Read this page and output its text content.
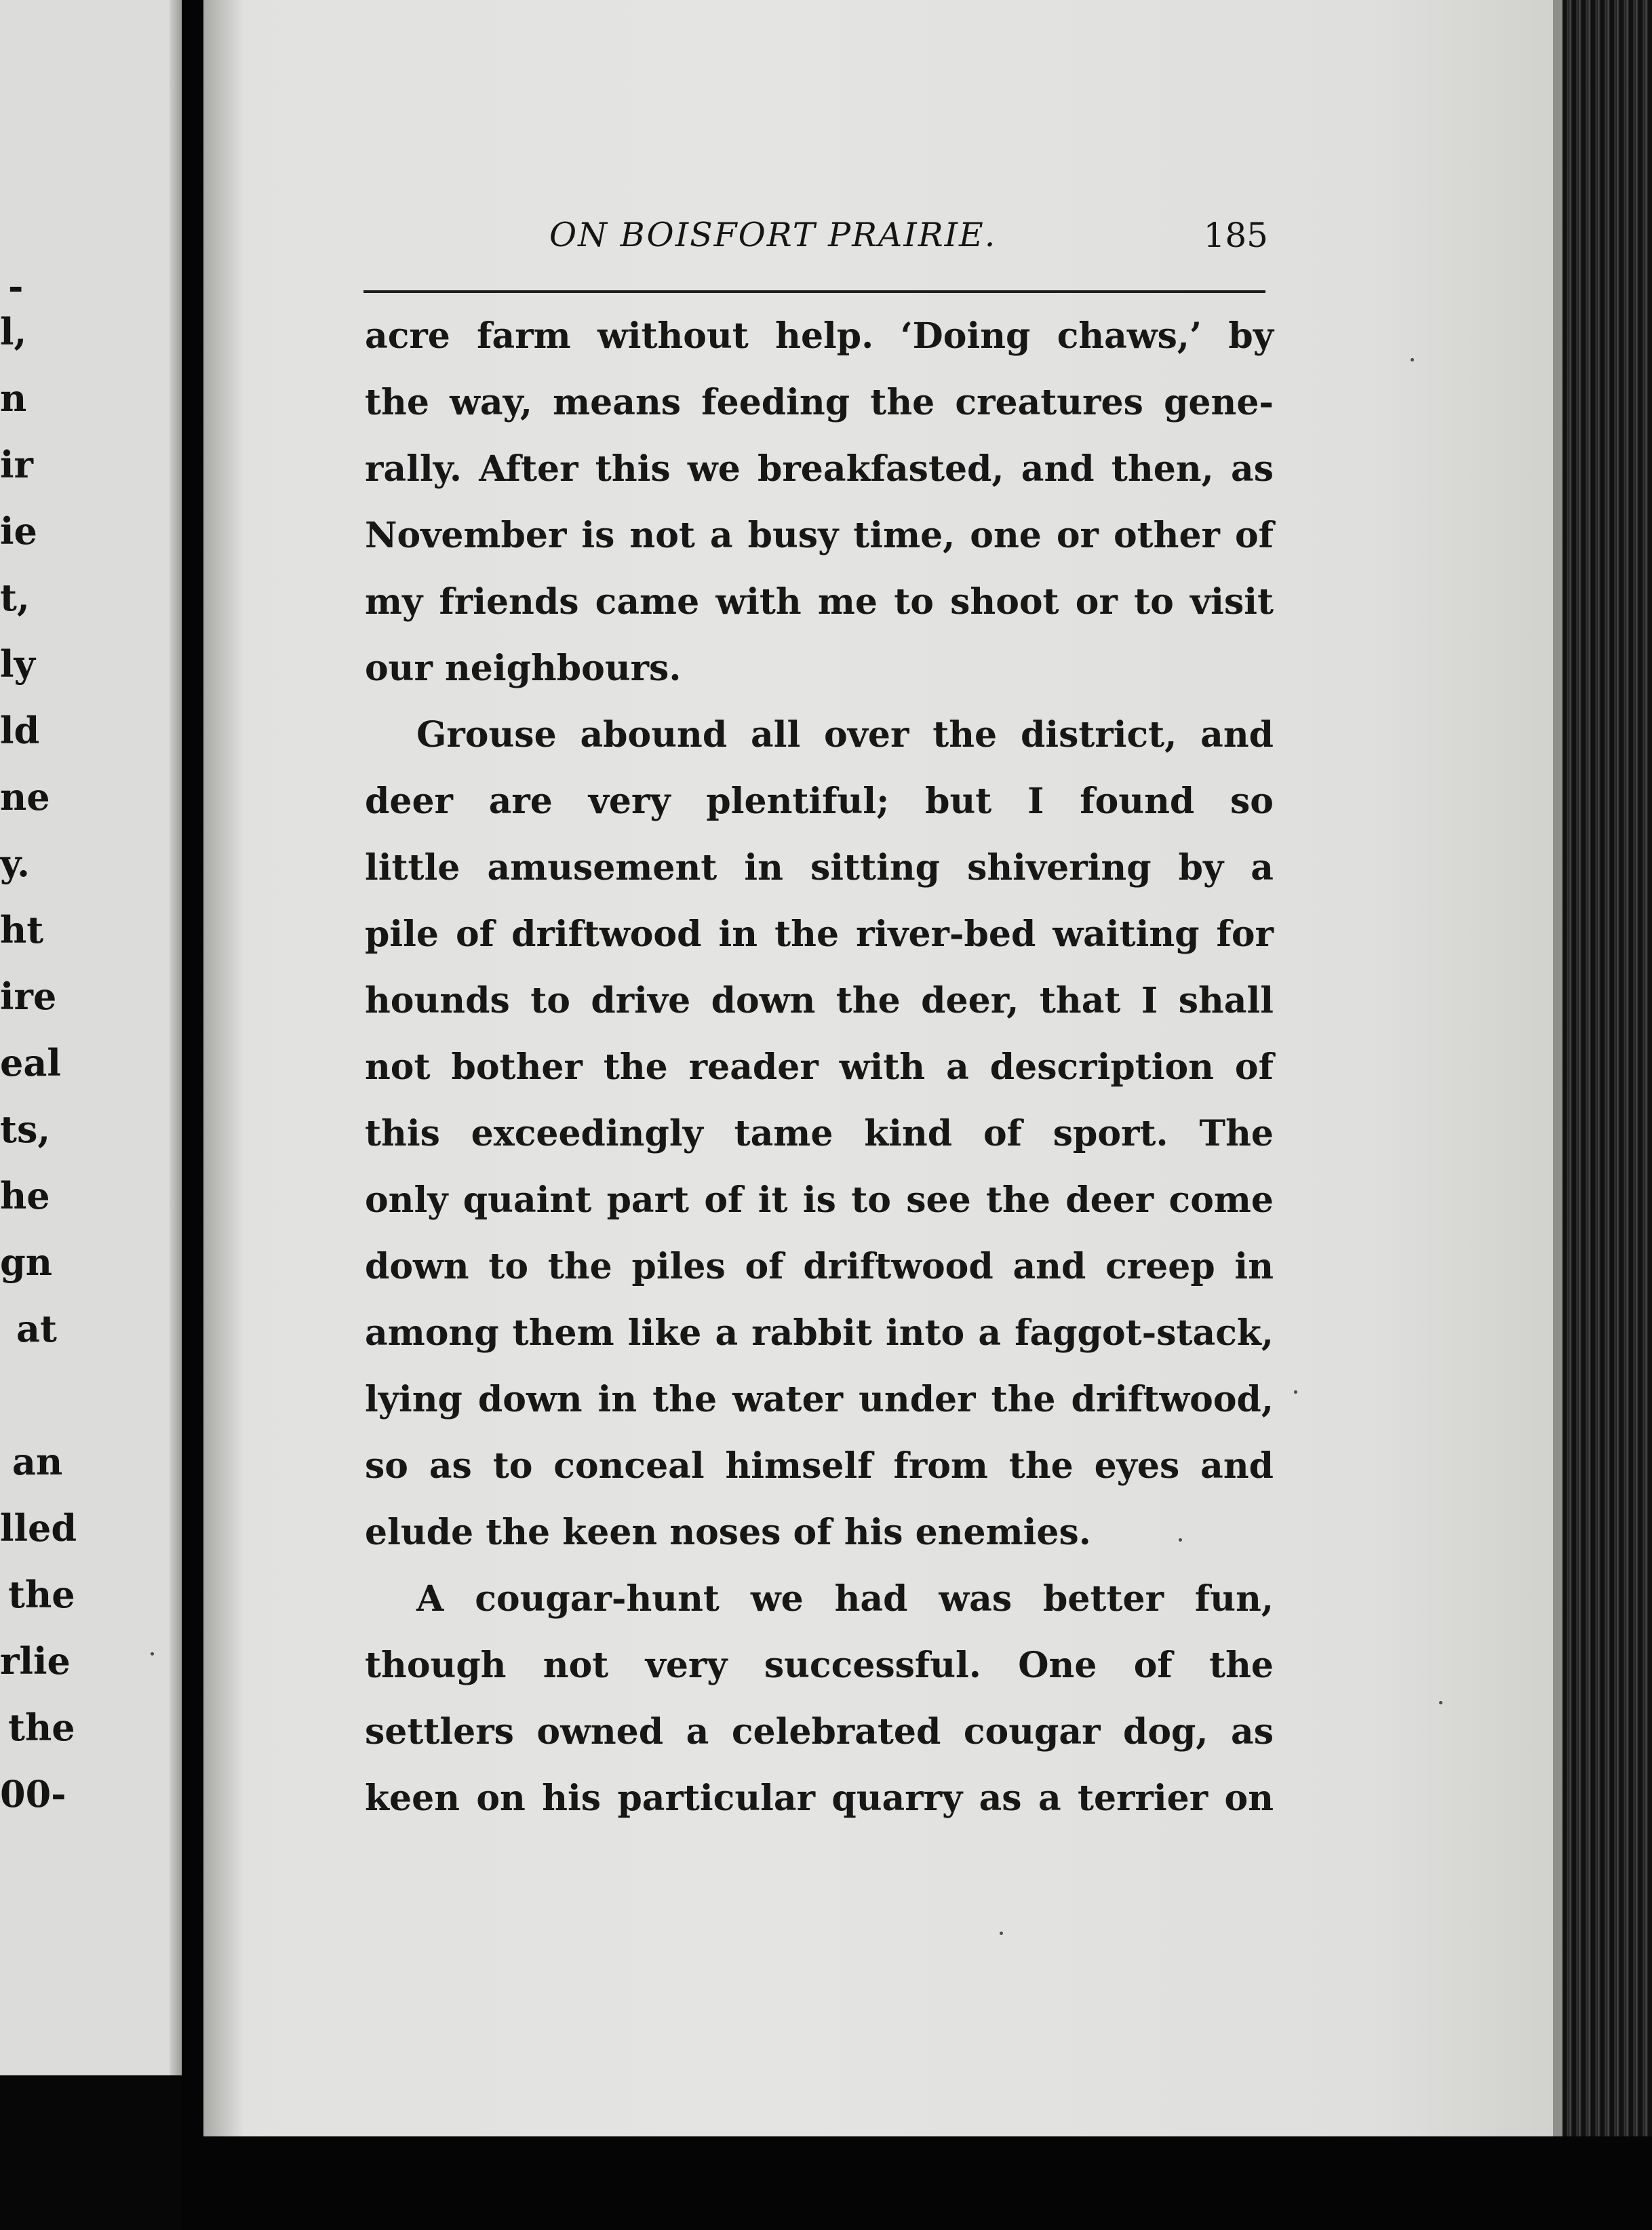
-
l,
n
ir
ie
t,
ly
ld
ne
y.
ht
ire
eal
ts,
he
gn
at
an
lled
the
rlie
the
00-
ON BOISFORT PRAIRIE.	185
acre farm without help. ‘Doing chaws,’ by
the way, means feeding the creatures gene-
rally. After this we breakfasted, and then, as
November is not a busy time, one or other of
my friends came with me to shoot or to visit
our neighbours.
Grouse abound all over the district, and
deer are very plentiful; but I found so
little amusement in sitting shivering by a
pile of driftwood in the river-bed waiting for
hounds to drive down the deer, that I shall
not bother the reader with a description of
this exceedingly tame kind of sport. The
only quaint part of it is to see the deer come
down to the piles of driftwood and creep in
among them like a rabbit into a faggot-stack,
lying down in the water under the driftwood,
so as to conceal himself from the eyes and
elude the keen noses of his enemies.
A cougar-hunt we had was better fun,
though not very successful. One of the
settlers owned a celebrated cougar dog, as
keen on his particular quarry as a terrier on
